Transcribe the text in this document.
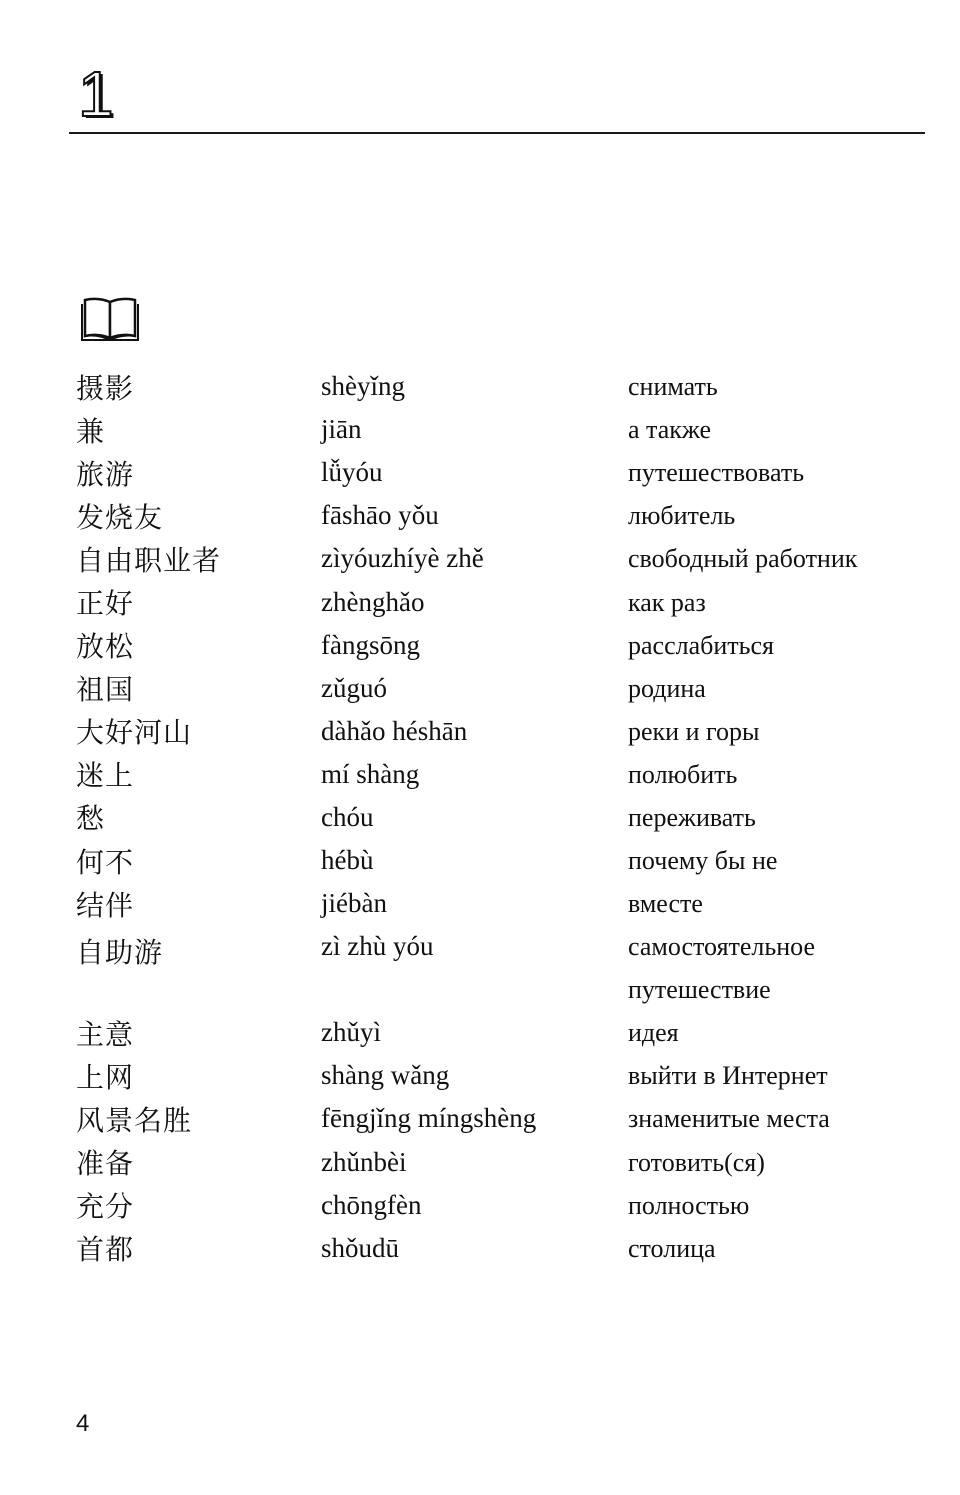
1
摄影	shèyǐng	снимать
兼	jiān	а также
旅游	lǚyóu	путешествовать
发烧友	fāshāo yǒu	любитель
自由职业者	zìyóuzhíyè zhě	свободный работник
正好	zhènghǎo	как раз
放松	fàngsōng	расслабиться
祖国	zǔguó	родина
大好河山	dàhǎo héshān	реки и горы
迷上	mí shàng	полюбить
愁	chóu	переживать
何不	hébù	почему бы не
结伴	jiébàn	вместе
自助游	zì zhù yóu	самостоятельное путешествие
主意	zhǔyì	идея
上网	shàng wǎng	выйти в Интернет
风景名胜	fēngjǐng míngshèng	знаменитые места
准备	zhǔnbèi	готовить(ся)
充分	chōngfèn	полностью
首都	shǒudū	столица
4
